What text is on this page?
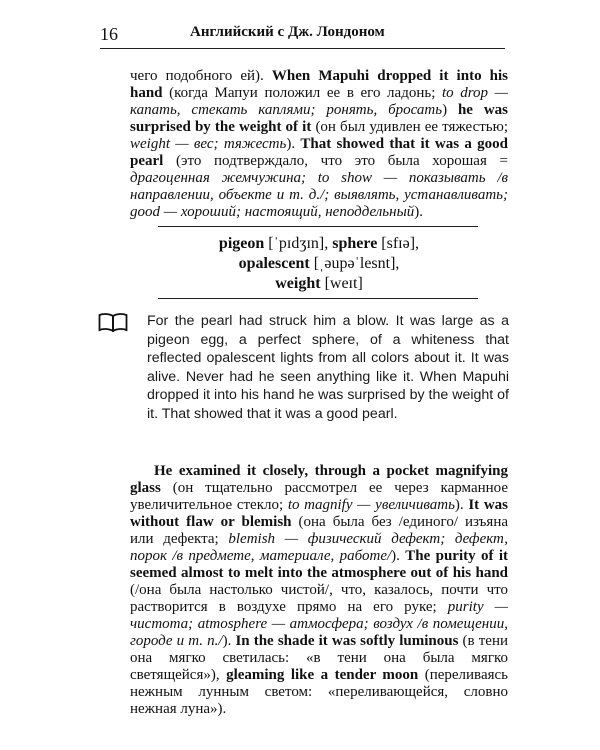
16	Английский с Дж. Лондоном
чего подобного ей). When Mapuhi dropped it into his hand (когда Мапуи положил ее в его ладонь; to drop — капать, стекать каплями; ронять, бросать) he was surprised by the weight of it (он был удивлен ее тяжестью; weight — вес; тяжесть). That showed that it was a good pearl (это подтверждало, что это была хорошая = драгоценная жемчужина; to show — показывать /в направлении, объекте и т. д./; выявлять, устанавливать; good — хороший; настоящий, неподдельный).
pigeon [ˈpɪdʒɪn], sphere [sfɪə],
opalescent [ˌəupəˈlesnt],
weight [weɪt]
For the pearl had struck him a blow. It was large as a pigeon egg, a perfect sphere, of a whiteness that reflected opalescent lights from all colors about it. It was alive. Never had he seen anything like it. When Mapuhi dropped it into his hand he was surprised by the weight of it. That showed that it was a good pearl.
He examined it closely, through a pocket magnifying glass (он тщательно рассмотрел ее через карманное увеличительное стекло; to magnify — увеличивать). It was without flaw or blemish (она была без /единого/ изъяна или дефекта; blemish — физический дефект; дефект, порок /в предмете, материале, работе/). The purity of it seemed almost to melt into the atmosphere out of his hand (/она была настолько чистой/, что, казалось, почти что растворится в воздухе прямо на его руке; purity — чистота; atmosphere — атмосфера; воздух /в помещении, городе и т. п./). In the shade it was softly luminous (в тени она мягко светилась: «в тени она была мягко светящейся»), gleaming like a tender moon (переливаясь нежным лунным светом: «переливающейся, словно нежная луна»).
